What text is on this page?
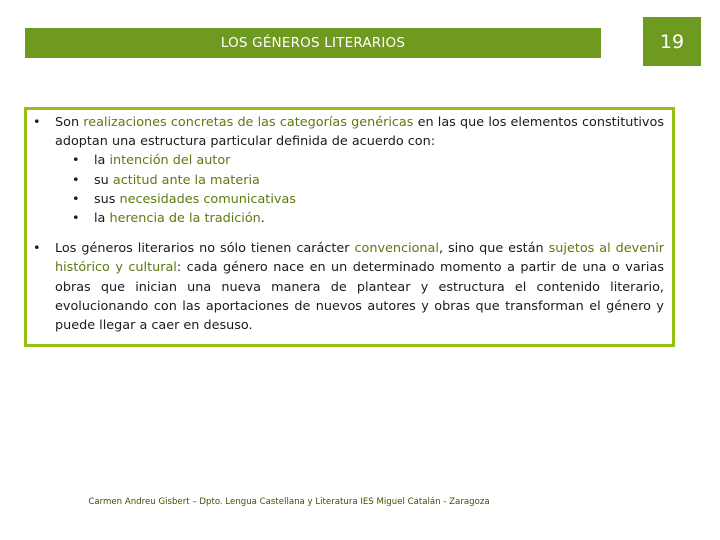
LOS GÉNEROS LITERARIOS	19
• Son realizaciones concretas de las categorías genéricas en las que los elementos constitutivos adoptan una estructura particular definida de acuerdo con:
• la intención del autor
• su actitud ante la materia
• sus necesidades comunicativas
• la herencia de la tradición.
• Los géneros literarios no sólo tienen carácter convencional, sino que están sujetos al devenir histórico y cultural: cada género nace en un determinado momento a partir de una o varias obras que inician una nueva manera de plantear y estructura el contenido literario, evolucionando con las aportaciones de nuevos autores y obras que transforman el género y puede llegar a caer en desuso.
Carmen Andreu Gisbert – Dpto. Lengua Castellana y Literatura IES Miguel Catalán - Zaragoza
